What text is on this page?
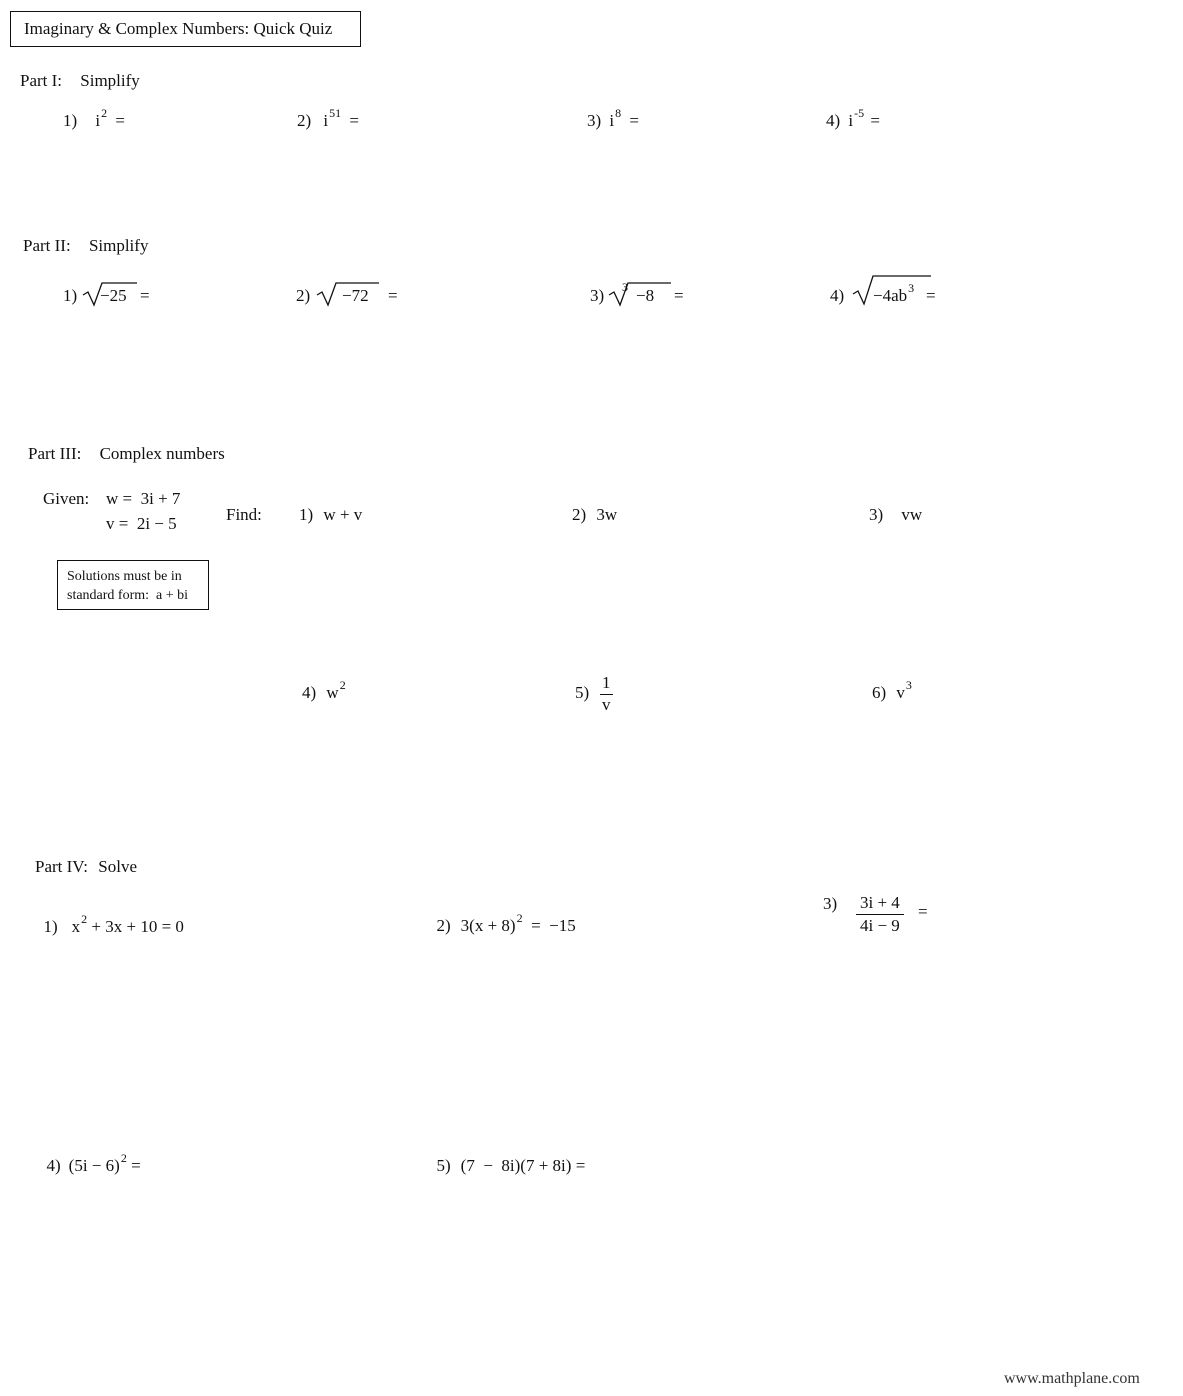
Imaginary & Complex Numbers: Quick Quiz
Part I: Simplify
1) $i^2$ =	2) $i^{51}$ =	3) $i^8$ =	4) $i^{-5}$ =
Part II: Simplify
1) −25 =	2) −72 =	3) 3 −8 =	$4) -4ab^3$ =
Part III: Complex numbers
Given: w =  3i + 7
v =  2i − 5	Find:
Solutions must be in
standard form:  a + bi
1) w + v	2) 3w	3) vw
4) $w^2$	$5) \frac{1}{v}$	6) $v^3$
Part IV: Solve

1) $x^2 + 3x + 10 = 0$	2) $3(x + 8)^2 = -15$

$3) \frac{3i + 4}{4i - 9}$ =

4) $(5i - 6)^2$ =	5) (7  −  8i)(7 + 8i) =

www.mathplane.com
